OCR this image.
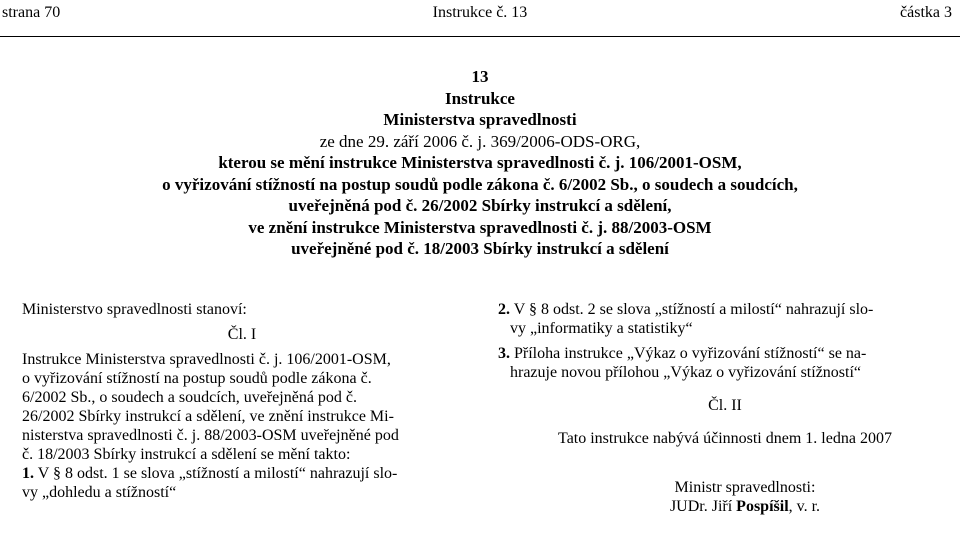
strana 70	Instrukce č. 13	částka 3
13
Instrukce
Ministerstva spravedlnosti
ze dne 29. září 2006 č. j. 369/2006-ODS-ORG,
kterou se mění instrukce Ministerstva spravedlnosti č. j. 106/2001-OSM,
o vyřizování stížností na postup soudů podle zákona č. 6/2002 Sb., o soudech a soudcích,
uveřejněná pod č. 26/2002 Sbírky instrukcí a sdělení,
ve znění instrukce Ministerstva spravedlnosti č. j. 88/2003-OSM
uveřejněné pod č. 18/2003 Sbírky instrukcí a sdělení

Ministerstvo spravedlnosti stanoví:

Čl. I

Instrukce Ministerstva spravedlnosti č. j. 106/2001-OSM,

o vyřizování stížností na postup soudů podle zákona č.

6/2002 Sb., o soudech a soudcích, uveřejněná pod č.

26/2002 Sbírky instrukcí a sdělení, ve znění instrukce Mi-

nisterstva spravedlnosti č. j. 88/2003-OSM uveřejněné pod

č. 18/2003 Sbírky instrukcí a sdělení se mění takto:

1. V § 8 odst. 1 se slova „stížností a milostí“ nahrazují slo-

vy „dohledu a stížností“

2. V § 8 odst. 2 se slova „stížností a milostí“ nahrazují slo-

vy „informatiky a statistiky“

3. Příloha instrukce „Výkaz o vyřizování stížností“ se na-

hrazuje novou přílohou „Výkaz o vyřizování stížností“

Čl. II

Tato instrukce nabývá účinnosti dnem 1. ledna 2007

Ministr spravedlnosti:

JUDr. Jiří Pospíšil, v. r.
